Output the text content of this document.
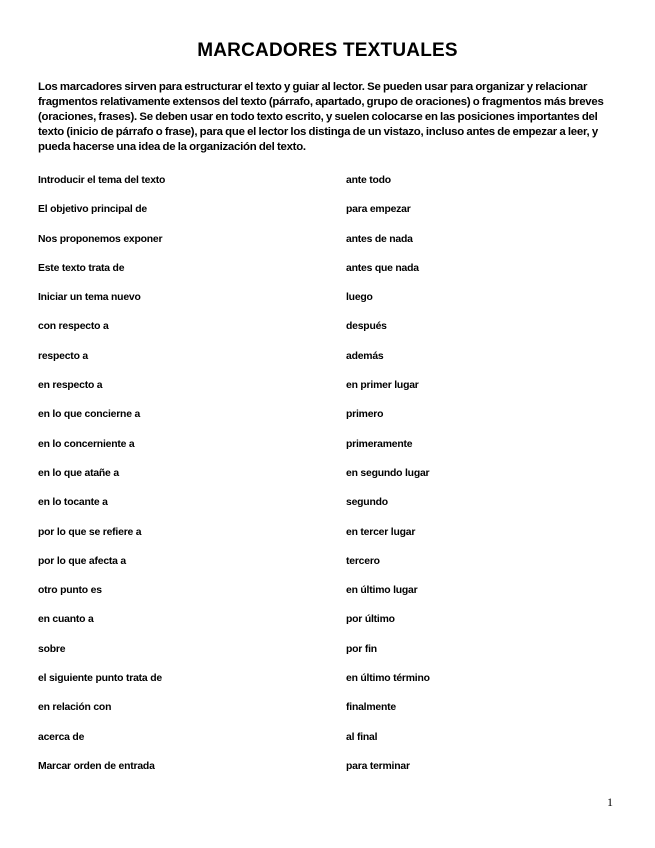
MARCADORES TEXTUALES

Los marcadores sirven para estructurar el texto y guiar al lector. Se pueden usar para organizar y relacionar fragmentos relativamente extensos del texto (párrafo, apartado, grupo de oraciones) o fragmentos más breves (oraciones, frases). Se deben usar en todo texto escrito, y suelen colocarse en las posiciones importantes del texto (inicio de párrafo o frase), para que el lector los distinga de un vistazo, incluso antes de empezar a leer, y pueda hacerse una idea de la organización del texto.

Introducir el tema del texto
El objetivo principal de
Nos proponemos exponer
Este texto trata de
Iniciar un tema nuevo
con respecto a
respecto a
en respecto a
en lo que concierne a
en lo concerniente a
en lo que atañe a
en lo tocante a
por lo que se refiere a
por lo que afecta a
otro punto es
en cuanto a
sobre
el siguiente punto trata de
en relación con
acerca de
Marcar orden de entrada
ante todo
para empezar
antes de nada
antes que nada
luego
después
además
en primer lugar
primero
primeramente
en segundo lugar
segundo
en tercer lugar
tercero
en último lugar
por último
por fin
en último término
finalmente
al final
para terminar
1
